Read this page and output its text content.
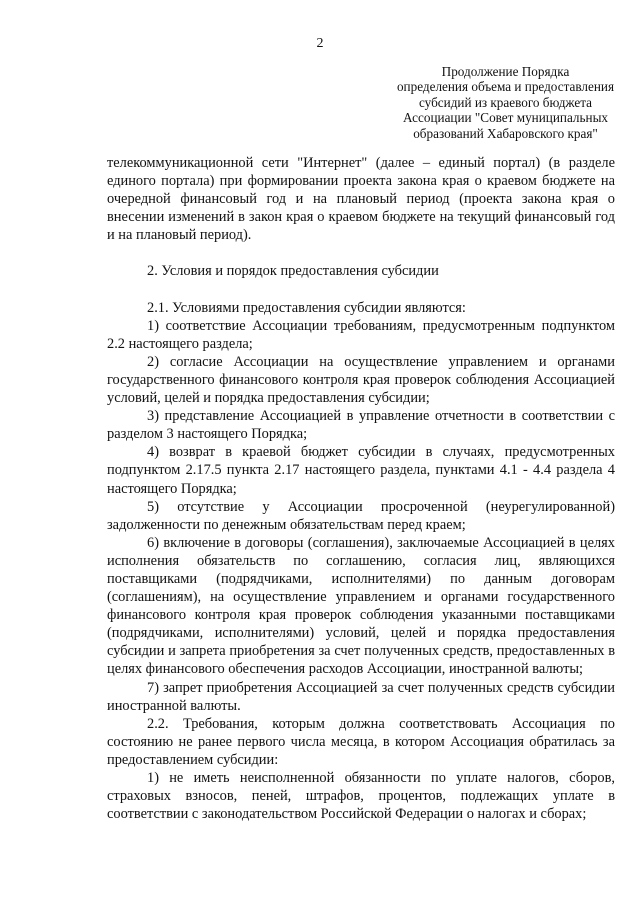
2
Продолжение Порядка
определения объема и предоставления
субсидий из краевого бюджета
Ассоциации "Совет муниципальных
образований Хабаровского края"

телекоммуникационной сети "Интернет" (далее – единый портал) (в разделе единого портала) при формировании проекта закона края о краевом бюджете на очередной финансовый год и на плановый период (проекта закона края о внесении изменений в закон края о краевом бюджете на текущий финансовый год и на плановый период).

2. Условия и порядок предоставления субсидии

2.1. Условиями предоставления субсидии являются:

1) соответствие Ассоциации требованиям, предусмотренным подпунктом 2.2 настоящего раздела;

2) согласие Ассоциации на осуществление управлением и органами государственного финансового контроля края проверок соблюдения Ассоциацией условий, целей и порядка предоставления субсидии;

3) представление Ассоциацией в управление отчетности в соответствии с разделом 3 настоящего Порядка;

4) возврат в краевой бюджет субсидии в случаях, предусмотренных подпунктом 2.17.5 пункта 2.17 настоящего раздела, пунктами 4.1 - 4.4 раздела 4 настоящего Порядка;

5) отсутствие у Ассоциации просроченной (неурегулированной) задолженности по денежным обязательствам перед краем;

6) включение в договоры (соглашения), заключаемые Ассоциацией в целях исполнения обязательств по соглашению, согласия лиц, являющихся поставщиками (подрядчиками, исполнителями) по данным договорам (соглашениям), на осуществление управлением и органами государственного финансового контроля края проверок соблюдения указанными поставщиками (подрядчиками, исполнителями) условий, целей и порядка предоставления субсидии и запрета приобретения за счет полученных средств, предоставленных в целях финансового обеспечения расходов Ассоциации, иностранной валюты;

7) запрет приобретения Ассоциацией за счет полученных средств субсидии иностранной валюты.

2.2. Требования, которым должна соответствовать Ассоциация по состоянию не ранее первого числа месяца, в котором Ассоциация обратилась за предоставлением субсидии:

1) не иметь неисполненной обязанности по уплате налогов, сборов, страховых взносов, пеней, штрафов, процентов, подлежащих уплате в соответствии с законодательством Российской Федерации о налогах и сборах;
